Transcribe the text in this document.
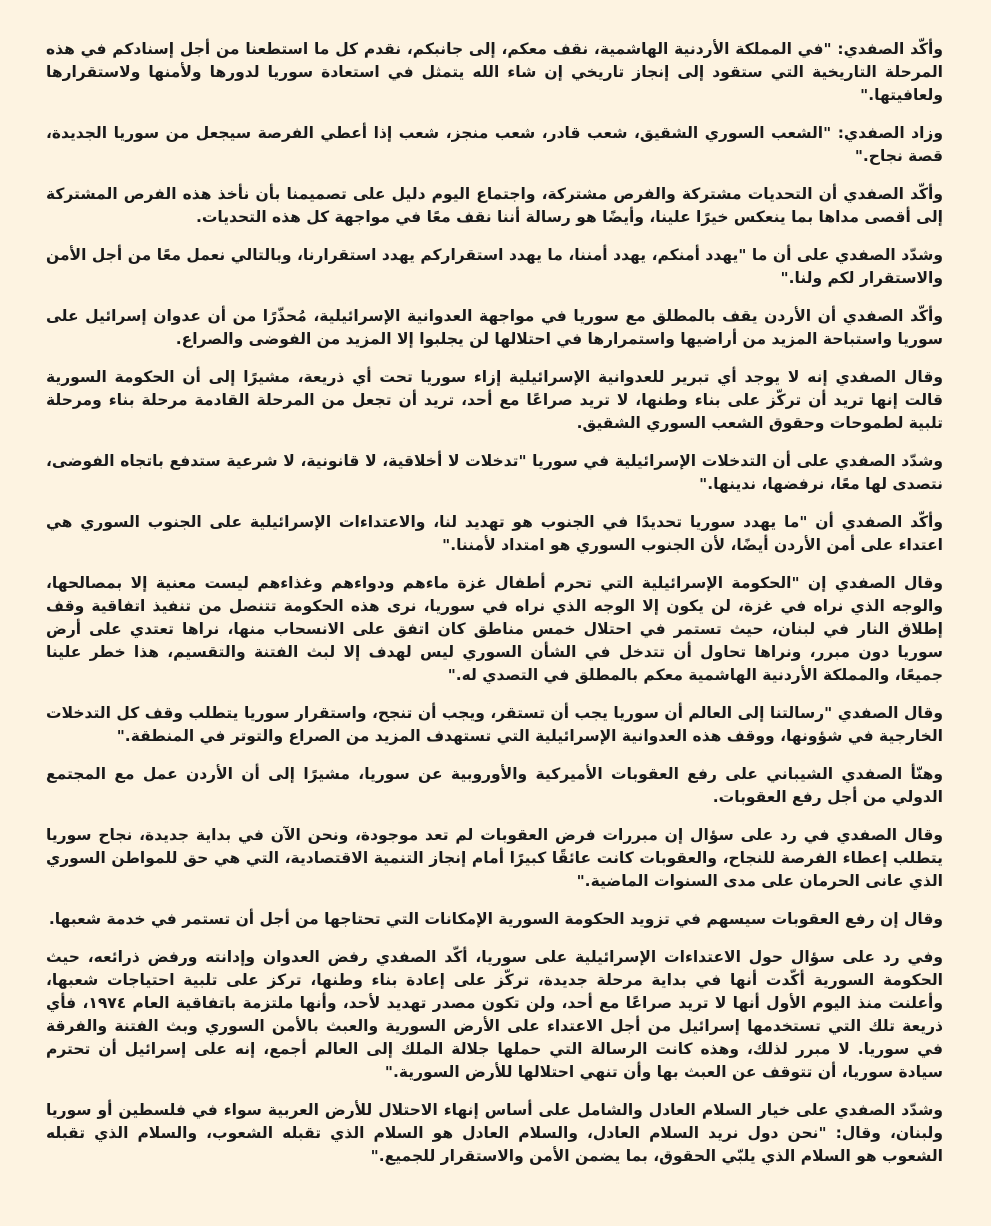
وأكّد الصفدي: "في المملكة الأردنية الهاشمية، نقف معكم، إلى جانبكم، نقدم كل ما استطعنا من أجل إسنادكم في هذه المرحلة التاريخية التي ستقود إلى إنجاز تاريخي إن شاء الله يتمثل في استعادة سوريا لدورها ولأمنها ولاستقرارها ولعافيتها."

وزاد الصفدي: "الشعب السوري الشقيق، شعب قادر، شعب منجز، شعب إذا أعطي الفرصة سيجعل من سوريا الجديدة، قصة نجاح."

وأكّد الصفدي أن التحديات مشتركة والفرص مشتركة، واجتماع اليوم دليل على تصميمنا بأن نأخذ هذه الفرص المشتركة إلى أقصى مداها بما ينعكس خيرًا علينا، وأيضًا هو رسالة أننا نقف معًا في مواجهة كل هذه التحديات.

وشدّد الصفدي على أن ما "يهدد أمنكم، يهدد أمننا، ما يهدد استقراركم يهدد استقرارنا، وبالتالي نعمل معًا من أجل الأمن والاستقرار لكم ولنا."

وأكّد الصفدي أن الأردن يقف بالمطلق مع سوريا في مواجهة العدوانية الإسرائيلية، مُحذّرًا من أن عدوان إسرائيل على سوريا واستباحة المزيد من أراضيها واستمرارها في احتلالها لن يجلبوا إلا المزيد من الفوضى والصراع.

وقال الصفدي إنه لا يوجد أي تبرير للعدوانية الإسرائيلية إزاء سوريا تحت أي ذريعة، مشيرًا إلى أن الحكومة السورية قالت إنها تريد أن تركّز على بناء وطنها، لا تريد صراعًا مع أحد، تريد أن تجعل من المرحلة القادمة مرحلة بناء ومرحلة تلبية لطموحات وحقوق الشعب السوري الشقيق.

وشدّد الصفدي على أن التدخلات الإسرائيلية في سوريا "تدخلات لا أخلاقية، لا قانونية، لا شرعية ستدفع باتجاه الفوضى، نتصدى لها معًا، نرفضها، ندينها."

وأكّد الصفدي أن "ما يهدد سوريا تحديدًا في الجنوب هو تهديد لنا، والاعتداءات الإسرائيلية على الجنوب السوري هي اعتداء على أمن الأردن أيضًا، لأن الجنوب السوري هو امتداد لأمننا."

وقال الصفدي إن "الحكومة الإسرائيلية التي تحرم أطفال غزة ماءهم ودواءهم وغذاءهم ليست معنية إلا بمصالحها، والوجه الذي نراه في غزة، لن يكون إلا الوجه الذي نراه في سوريا، نرى هذه الحكومة تتنصل من تنفيذ اتفاقية وقف إطلاق النار في لبنان، حيث تستمر في احتلال خمس مناطق كان اتفق على الانسحاب منها، نراها تعتدي على أرض سوريا دون مبرر، ونراها تحاول أن تتدخل في الشأن السوري ليس لهدف إلا لبث الفتنة والتقسيم، هذا خطر علينا جميعًا، والمملكة الأردنية الهاشمية معكم بالمطلق في التصدي له."

وقال الصفدي "رسالتنا إلى العالم أن سوريا يجب أن تستقر، ويجب أن تنجح، واستقرار سوريا يتطلب وقف كل التدخلات الخارجية في شؤونها، ووقف هذه العدوانية الإسرائيلية التي تستهدف المزيد من الصراع والتوتر في المنطقة."

وهنّأ الصفدي الشيباني على رفع العقوبات الأميركية والأوروبية عن سوريا، مشيرًا إلى أن الأردن عمل مع المجتمع الدولي من أجل رفع العقوبات.

وقال الصفدي في رد على سؤال إن مبررات فرض العقوبات لم تعد موجودة، ونحن الآن في بداية جديدة، نجاح سوريا يتطلب إعطاء الفرصة للنجاح، والعقوبات كانت عائقًا كبيرًا أمام إنجاز التنمية الاقتصادية، التي هي حق للمواطن السوري الذي عانى الحرمان على مدى السنوات الماضية."

وقال إن رفع العقوبات سيسهم في تزويد الحكومة السورية الإمكانات التي تحتاجها من أجل أن تستمر في خدمة شعبها.

وفي رد على سؤال حول الاعتداءات الإسرائيلية على سوريا، أكّد الصفدي رفض العدوان وإدانته ورفض ذرائعه، حيث الحكومة السورية أكّدت أنها في بداية مرحلة جديدة، تركّز على إعادة بناء وطنها، تركز على تلبية احتياجات شعبها، وأعلنت منذ اليوم الأول أنها لا تريد صراعًا مع أحد، ولن تكون مصدر تهديد لأحد، وأنها ملتزمة باتفاقية العام ١٩٧٤، فأي ذريعة تلك التي تستخدمها إسرائيل من أجل الاعتداء على الأرض السورية والعبث بالأمن السوري وبث الفتنة والفرقة في سوريا. لا مبرر لذلك، وهذه كانت الرسالة التي حملها جلالة الملك إلى العالم أجمع، إنه على إسرائيل أن تحترم سيادة سوريا، أن تتوقف عن العبث بها وأن تنهي احتلالها للأرض السورية."

وشدّد الصفدي على خيار السلام العادل والشامل على أساس إنهاء الاحتلال للأرض العربية سواء في فلسطين أو سوريا ولبنان، وقال: "نحن دول نريد السلام العادل، والسلام العادل هو السلام الذي تقبله الشعوب، والسلام الذي تقبله الشعوب هو السلام الذي يلبّي الحقوق، بما يضمن الأمن والاستقرار للجميع."
